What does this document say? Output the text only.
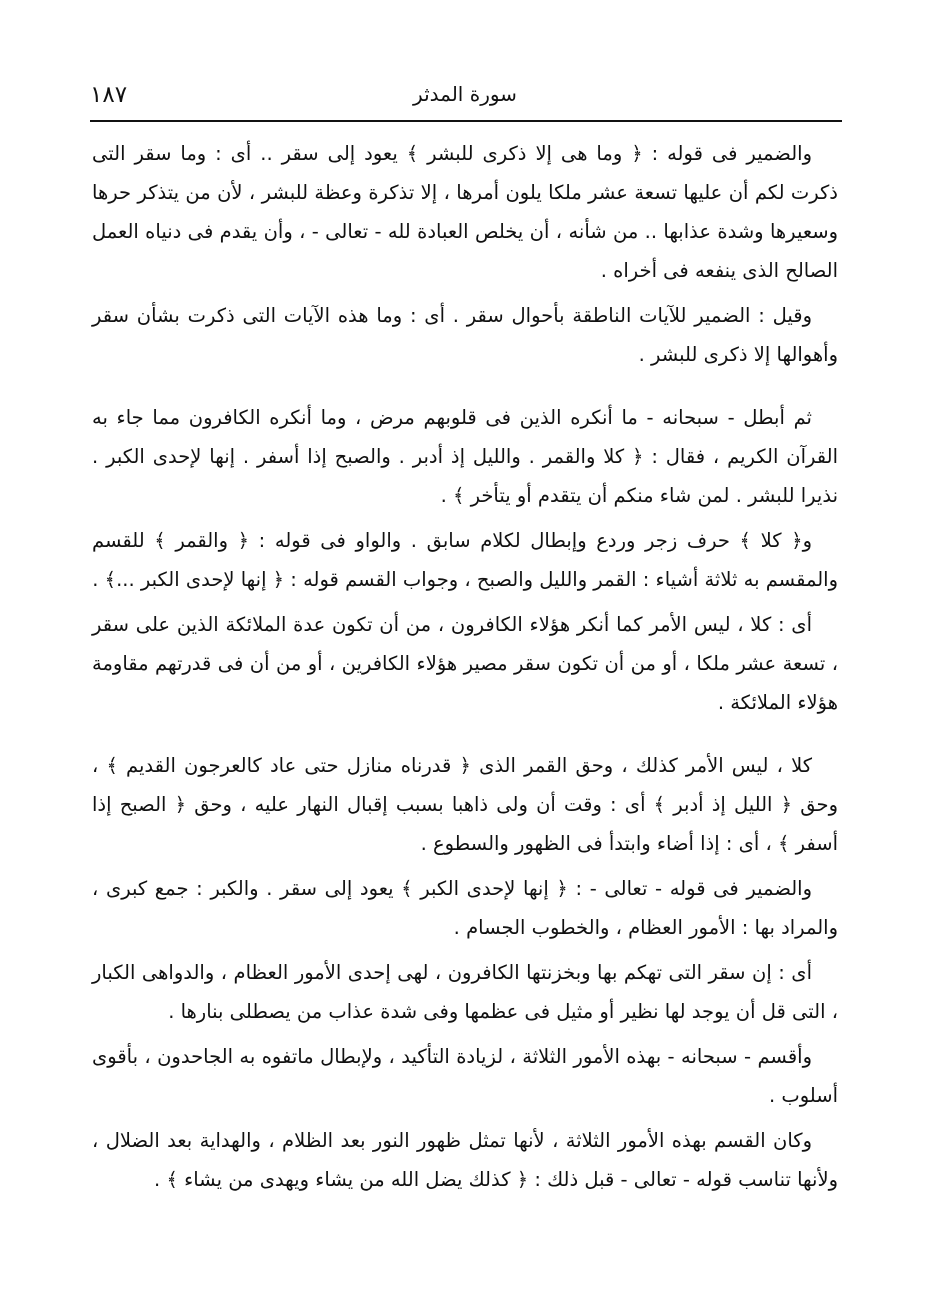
١٨٧	سورة المدثر

والضمير فى قوله : ﴿ وما هى إلا ذكرى للبشر ﴾ يعود إلى سقر .. أى : وما سقر التى ذكرت لكم أن عليها تسعة عشر ملكا يلون أمرها ، إلا تذكرة وعظة للبشر ، لأن من يتذكر حرها وسعيرها وشدة عذابها .. من شأنه ، أن يخلص العبادة لله - تعالى - ، وأن يقدم فى دنياه العمل الصالح الذى ينفعه فى أخراه .

وقيل : الضمير للآيات الناطقة بأحوال سقر . أى : وما هذه الآيات التى ذكرت بشأن سقر وأهوالها إلا ذكرى للبشر .

ثم أبطل - سبحانه - ما أنكره الذين فى قلوبهم مرض ، وما أنكره الكافرون مما جاء به القرآن الكريم ، فقال : ﴿ كلا والقمر . والليل إذ أدبر . والصبح إذا أسفر . إنها لإحدى الكبر . نذيرا للبشر . لمن شاء منكم أن يتقدم أو يتأخر ﴾ .

و﴿ كلا ﴾ حرف زجر وردع وإبطال لكلام سابق . والواو فى قوله : ﴿ والقمر ﴾ للقسم والمقسم به ثلاثة أشياء : القمر والليل والصبح ، وجواب القسم قوله : ﴿ إنها لإحدى الكبر ...﴾ .

أى : كلا ، ليس الأمر كما أنكر هؤلاء الكافرون ، من أن تكون عدة الملائكة الذين على سقر ، تسعة عشر ملكا ، أو من أن تكون سقر مصير هؤلاء الكافرين ، أو من أن فى قدرتهم مقاومة هؤلاء الملائكة .

كلا ، ليس الأمر كذلك ، وحق القمر الذى ﴿ قدرناه منازل حتى عاد كالعرجون القديم ﴾ ، وحق ﴿ الليل إذ أدبر ﴾ أى : وقت أن ولى ذاهبا بسبب إقبال النهار عليه ، وحق ﴿ الصبح إذا أسفر ﴾ ، أى : إذا أضاء وابتدأ فى الظهور والسطوع .

والضمير فى قوله - تعالى - : ﴿ إنها لإحدى الكبر ﴾ يعود إلى سقر . والكبر : جمع كبرى ، والمراد بها : الأمور العظام ، والخطوب الجسام .

أى : إن سقر التى تهكم بها وبخزنتها الكافرون ، لهى إحدى الأمور العظام ، والدواهى الكبار ، التى قل أن يوجد لها نظير أو مثيل فى عظمها وفى شدة عذاب من يصطلى بنارها .

وأقسم - سبحانه - بهذه الأمور الثلاثة ، لزيادة التأكيد ، ولإبطال ماتفوه به الجاحدون ، بأقوى أسلوب .

وكان القسم بهذه الأمور الثلاثة ، لأنها تمثل ظهور النور بعد الظلام ، والهداية بعد الضلال ، ولأنها تناسب قوله - تعالى - قبل ذلك : ﴿ كذلك يضل الله من يشاء ويهدى من يشاء ﴾ .
